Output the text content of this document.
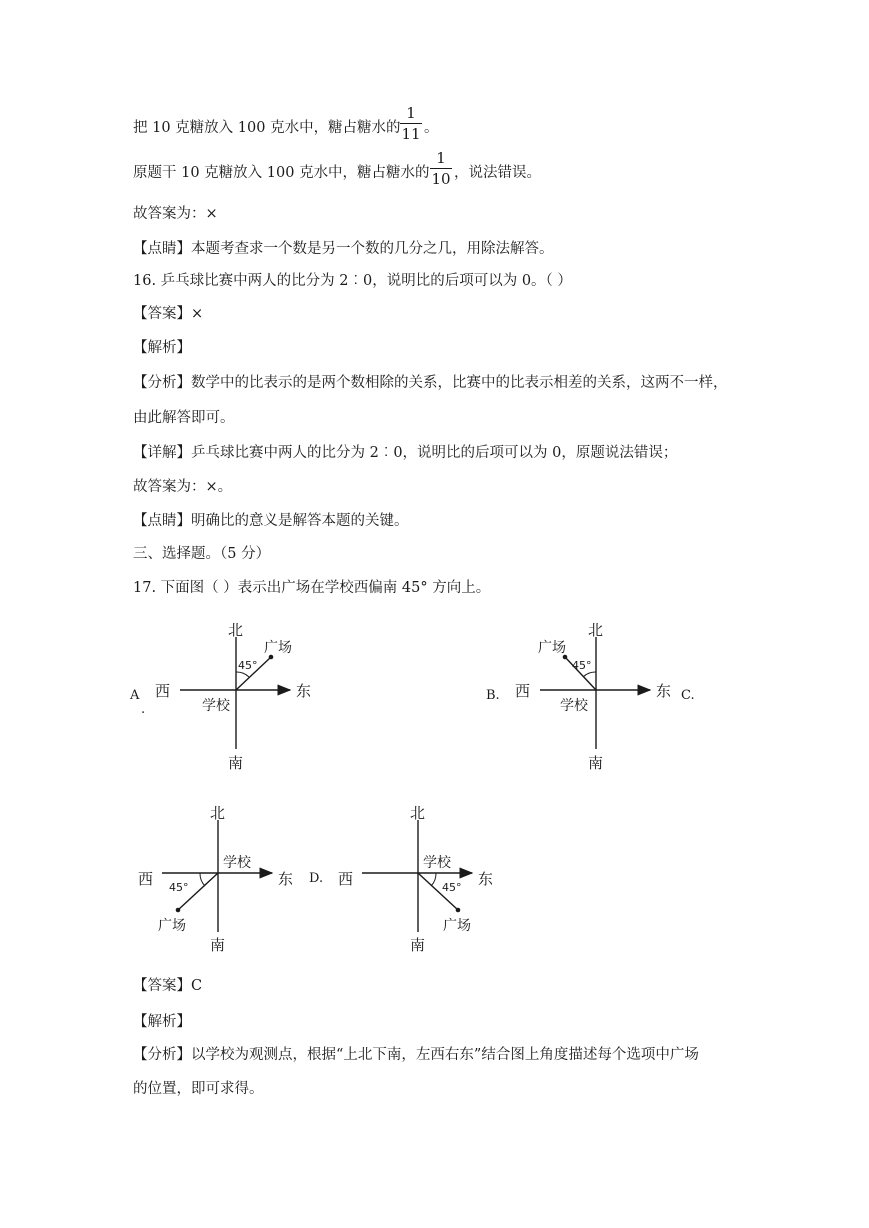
把 10 克糖放入 100 克水中，糖占糖水的
1
11 。
原题干 10 克糖放入 100 克水中，糖占糖水的
1
10 ，说法错误。
故答案为：×
【点睛】本题考查求一个数是另一个数的几分之几，用除法解答。
16. 乒乓球比赛中两人的比分为 2︰0，说明比的后项可以为 0。（ ）
【答案】×
【解析】
【分析】数学中的比表示的是两个数相除的关系，比赛中的比表示相差的关系，这两不一样，
由此解答即可。
【详解】乒乓球比赛中两人的比分为 2︰0，说明比的后项可以为 0，原题说法错误；
故答案为：×。
【点睛】明确比的意义是解答本题的关键。
三、选择题。（5 分）
17. 下面图（ ）表示出广场在学校西偏南 45° 方向上。
A
.
B.	C.
D.
北
西	东
南
学校
广场
45°
北
西	东
南
学校
广场
45°
北
西	东
南
学校
广场
45°
北
西	东
南
学校
广场
45°
【答案】C
【解析】
【分析】以学校为观测点，根据“上北下南，左西右东”结合图上角度描述每个选项中广场
的位置，即可求得。
